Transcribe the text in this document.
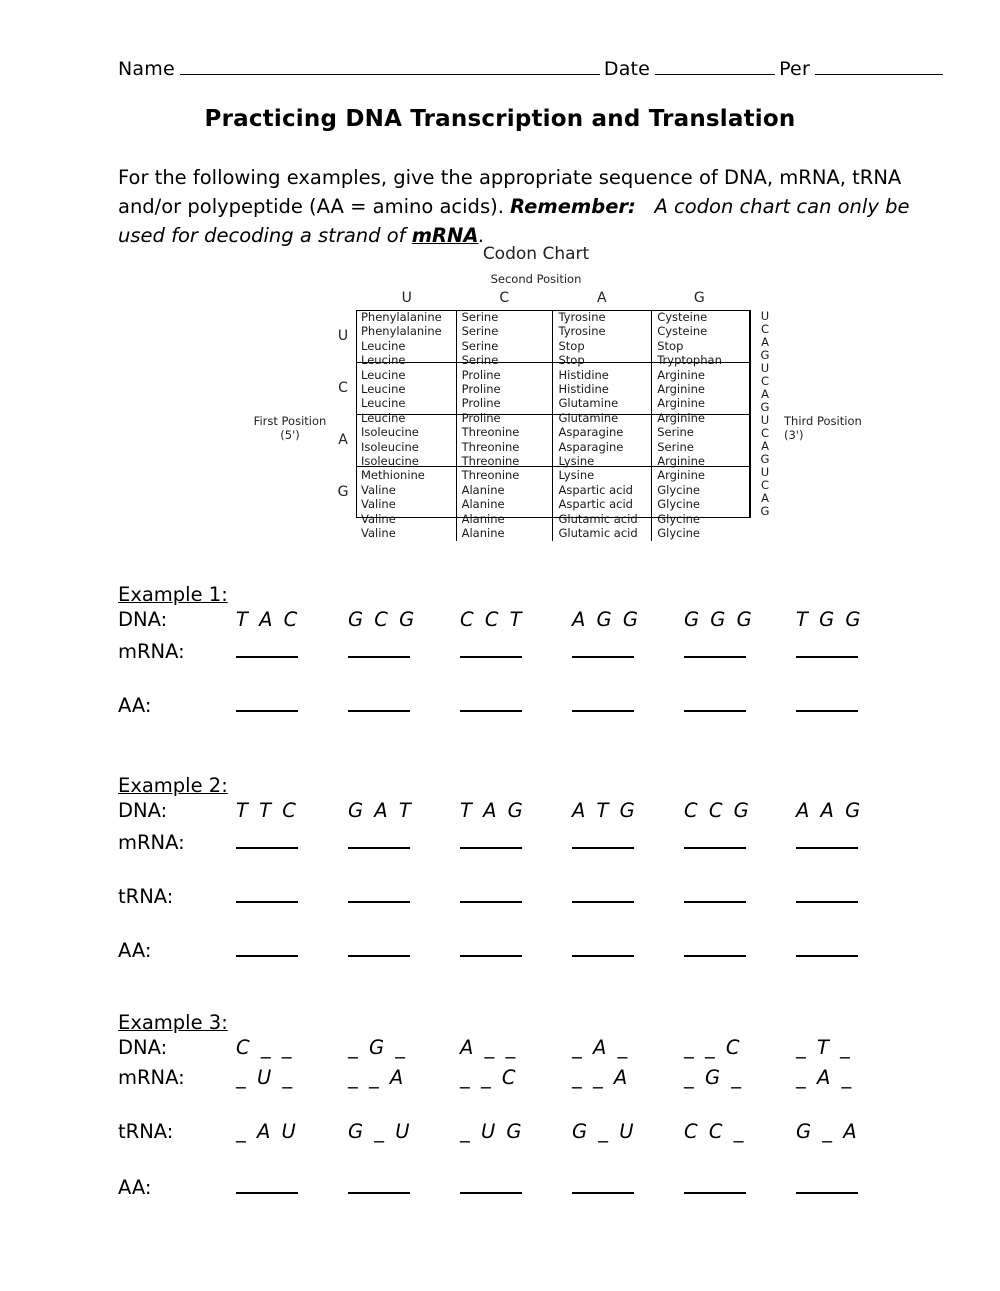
Name	Date	Per
Practicing DNA Transcription and Translation
For the following examples, give the appropriate sequence of DNA, mRNA, tRNA and/or polypeptide (AA = amino acids). Remember: A codon chart can only be used for decoding a strand of mRNA.
Codon Chart
Second Position
First Position
(5')
Third Position
(3')
U	C	A	G
U
C
A
G
Phenylalanine	Serine	Tyrosine	Cysteine
Phenylalanine	Serine	Tyrosine	Cysteine
Leucine	Serine	Stop	Stop
Leucine	Serine	Stop	Tryptophan
Leucine	Proline	Histidine	Arginine
Leucine	Proline	Histidine	Arginine
Leucine	Proline	Glutamine	Arginine
Leucine	Proline	Glutamine	Arginine
Isoleucine	Threonine	Asparagine	Serine
Isoleucine	Threonine	Asparagine	Serine
Isoleucine	Threonine	Lysine	Arginine
Methionine	Threonine	Lysine	Arginine
Valine	Alanine	Aspartic acid	Glycine
Valine	Alanine	Aspartic acid	Glycine
Valine	Alanine	Glutamic acid	Glycine
Valine	Alanine	Glutamic acid	Glycine
U
C
A
G
U
C
A
G
U
C
A
G
U
C
A
G
Example 1:
DNA:	T A C	G C G	C C T	A G G	G G G	T G G
mRNA:
AA:
Example 2:
DNA:	T T C	G A T	T A G	A T G	C C G	A A G
mRNA:
tRNA:
AA:
Example 3:
DNA:	C _ _	_ G _	A _ _	_ A _	_ _ C	_ T _
mRNA:	_ U _	_ _ A	_ _ C	_ _ A	_ G _	_ A _
tRNA:	_ A U	G _ U	_ U G	G _ U	C C _	G _ A
AA:
